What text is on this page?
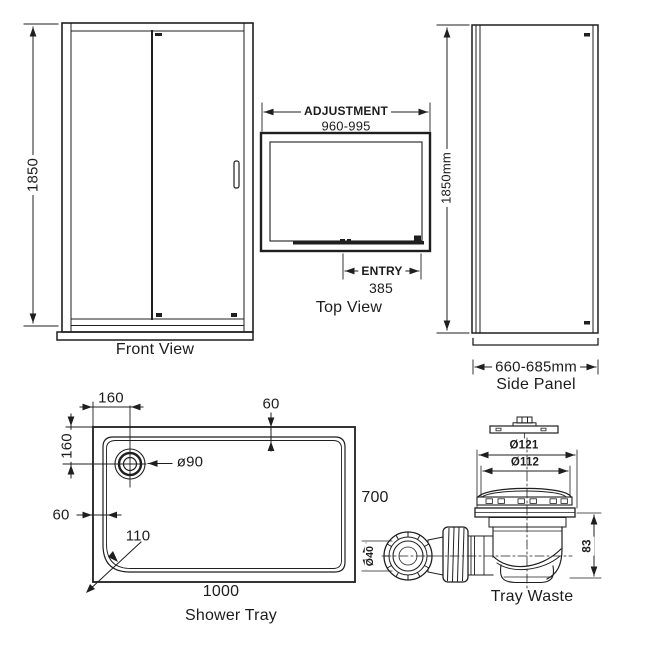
1850
Front View
ADJUSTMENT
960-995
ENTRY
385
Top View
1850mm
660-685mm
Side Panel
160
160
60
60
110
ø90
700
1000
Shower Tray
Ø121
Ø112
83
Ø40
Tray Waste
